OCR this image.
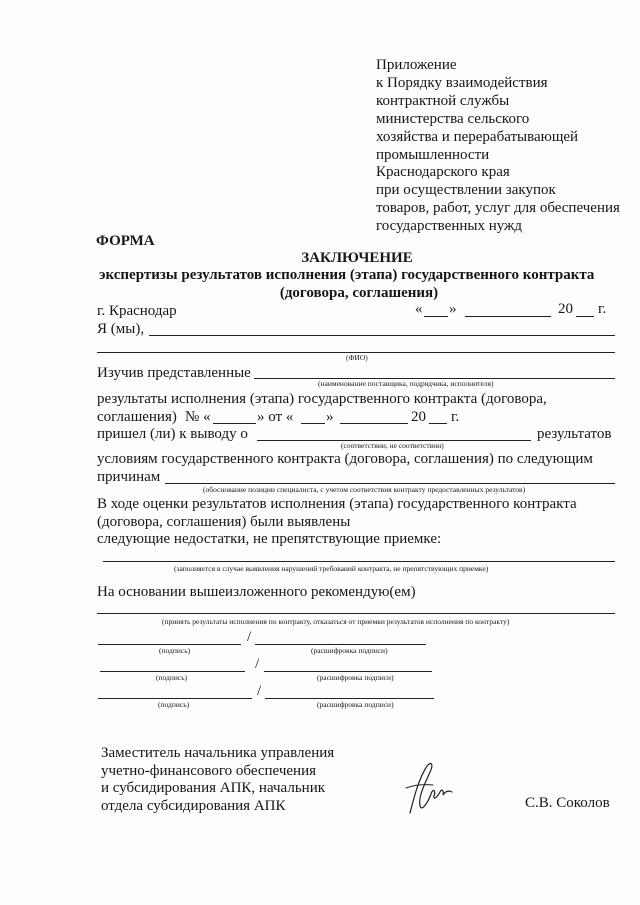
Приложение
к Порядку взаимодействия
контрактной службы
министерства сельского
хозяйства и перерабатывающей
промышленности
Краснодарского края
при осуществлении закупок
товаров, работ, услуг для обеспечения
государственных нужд
ФОРМА
ЗАКЛЮЧЕНИЕ
экспертизы результатов исполнения (этапа) государственного контракта
(договора, соглашения)
г. Краснодар	« »	20 г.
Я (мы),
(ФИО)
Изучив представленные
(наименование поставщика, подрядчика, исполнителя)
результаты исполнения (этапа) государственного контракта (договора,
соглашения) № «	» от « »	20 г.
пришел (ли) к выводу о	результатов
(соответствии, не соответствии)
условиям государственного контракта (договора, соглашения) по следующим
причинам
(обоснование позиции специалиста, с учетом соответствия контракту предоставленных результатов)
В ходе оценки результатов исполнения (этапа) государственного контракта
(договора, соглашения) были выявлены
следующие недостатки, не препятствующие приемке:
(заполняется в случае выявления нарушений требований контракта, не препятствующих приемке)
На основании вышеизложенного рекомендую(ем)
(принять результаты исполнения по контракту, отказаться от приемки результатов исполнения по контракту)
/
(подпись)	(расшифровка подписи)
/
(подпись)	(расшифровка подписи)
/
(подпись)	(расшифровка подписи)
Заместитель начальника управления
учетно-финансового обеспечения
и субсидирования АПК, начальник
отдела субсидирования АПК	С.В. Соколов
